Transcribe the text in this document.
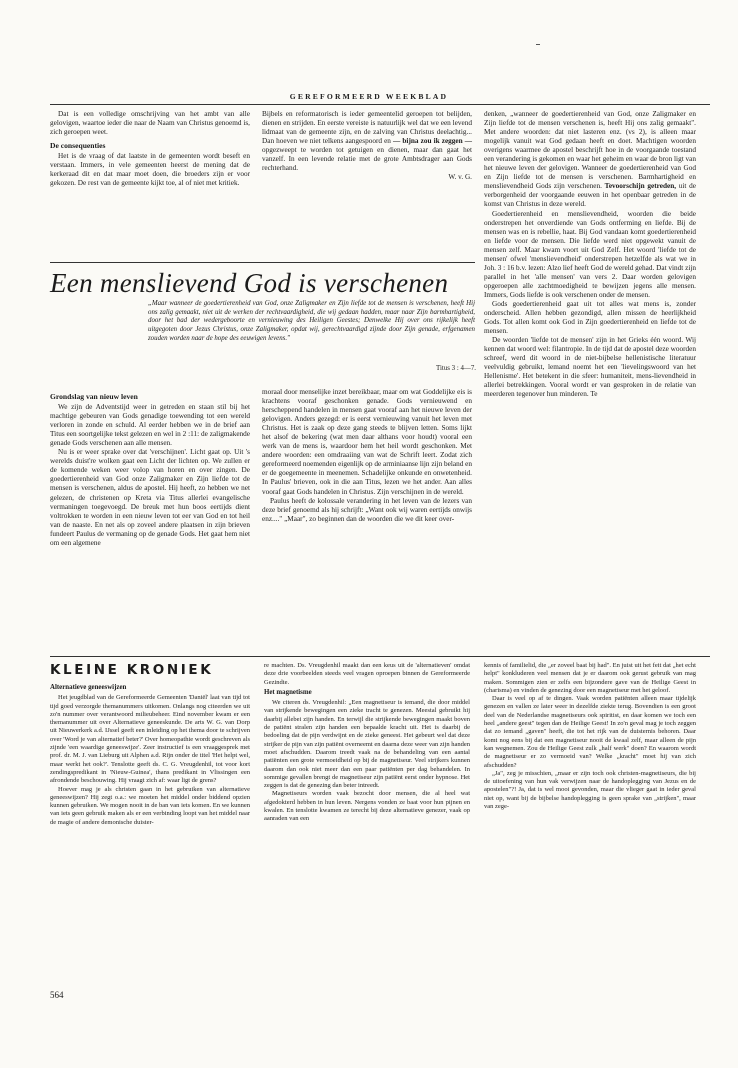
GEREFORMEERD WEEKBLAD

Dat is een volledige omschrijving van het ambt van alle gelovigen, waartoe ieder die naar de Naam van Christus genoemd is, zich geroepen weet.

De consequenties

Het is de vraag of dat laatste in de gemeenten wordt beseft en verstaan. Immers, in vele gemeenten heerst de mening dat de kerkeraad dit en dat maar moet doen, die broeders zijn er voor gekozen. De rest van de gemeente kijkt toe, al of niet met kritiek.

Bijbels en reformatorisch is ieder gemeentelid geroepen tot belijden, dienen en strijden. En eerste vereiste is natuurlijk wel dat we een levend lidmaat van de gemeente zijn, en de zalving van Christus deelachtig... Dan hoeven we niet telkens aangespoord en — bijna zou ik zeggen — opgezweept te worden tot getuigen en dienen, maar dan gaat het vanzelf. In een levende relatie met de grote Ambtsdrager aan Gods rechterhand.

W. v. G.
Een menslievend God is verschenen
„Maar wanneer de goedertierenheid van God, onze Zaligmaker en Zijn liefde tot de mensen is verschenen, heeft Hij ons zalig gemaakt, niet uit de werken der rechtvaardigheid, die wij gedaan hadden, maar naar Zijn barmhartigheid, door het bad der wedergeboorte en vernieuwing des Heiligen Geestes; Denwelke Hij over ons rijkelijk heeft uitgegoten door Jezus Christus, onze Zaligmaker, opdat wij, gerechtvaardigd zijnde door Zijn genade, erfgenamen zouden worden naar de hope des eeuwigen levens."
Titus 3 : 4—7.
Grondslag van nieuw leven

We zijn de Adventstijd weer in getreden en staan stil bij het machtige gebeuren van Gods genadige toewending tot een wereld verloren in zonde en schuld. Al eerder hebben we in de brief aan Titus een soortgelijke tekst gelezen en wel in 2 :11: de zaligmakende genade Gods verschenen aan alle mensen.

Nu is er weer sprake over dat 'verschijnen'. Licht gaat op. Uit 's werelds duist're wolken gaat een Licht der lichten op. We zullen er de komende weken weer volop van horen en over zingen. De goedertierenheid van God onze Zaligmaker en Zijn liefde tot de mensen is verschenen, aldus de apostel. Hij heeft, zo hebben we net gelezen, de christenen op Kreta via Titus allerlei evangelische vermaningen toegevoegd. De breuk met hun boos eertijds dient voltrokken te worden in een nieuw leven tot eer van God en tot heil van de naaste. En net als op zoveel andere plaatsen in zijn brieven fundeert Paulus de vermaning op de genade Gods. Het gaat hem niet om een algemene

moraal door menselijke inzet bereikbaar, maar om wat Goddelijke eis is krachtens vooraf geschonken genade. Gods vernieuwend en herscheppend handelen in mensen gaat vooraf aan het nieuwe leven der gelovigen. Anders gezegd: er is eerst vernieuwing vanuit het leven met Christus. Het is zaak op deze gang steeds te blijven letten. Soms lijkt het alsof de bekering (wat men daar althans voor houdt) vooral een werk van de mens is, waardoor hem het heil wordt geschonken. Met andere woorden: een omdraaiing van wat de Schrift leert. Zodat zich gereformeerd noemenden eigenlijk op de arminiaanse lijn zijn beland en er de goegemeente in meenemen. Schadelijke onkunde en onwetenheid. In Paulus' brieven, ook in die aan Titus, lezen we het ander. Aan alles vooraf gaat Gods handelen in Christus. Zijn verschijnen in de wereld.

Paulus heeft de kolossale verandering in het leven van de lezers van deze brief genoemd als hij schrijft: „Want ook wij waren eertijds onwijs enz...." „Maar", zo beginnen dan de woorden die we dit keer over-

denken, „wanneer de goedertierenheid van God, onze Zaligmaker en Zijn liefde tot de mensen verschenen is, heeft Hij ons zalig gemaakt". Met andere woorden: dat niet lasteren enz. (vs 2), is alleen maar mogelijk vanuit wat God gedaan heeft en doet. Machtigen woorden overigens waarmee de apostel beschrijft hoe in de voorgaande toestand een verandering is gekomen en waar het geheim en waar de bron ligt van het nieuwe leven der gelovigen. Wanneer de goedertierenheid van God en Zijn liefde tot de mensen is verschenen. Barmhartigheid en menslievendheid Gods zijn verschenen. Tevoorschijn getreden, uit de verborgenheid der voorgaande eeuwen in het openbaar getreden in de komst van Christus in deze wereld.

Goedertierenheid en menslievendheid, woorden die beide onderstrepen het onverdiende van Gods ontferming en liefde. Bij de mensen was en is rebellie, haat. Bij God vandaan komt goedertierenheid en liefde voor de mensen. Die liefde werd niet opgewekt vanuit de mensen zelf. Maar kwam voort uit God Zelf. Het woord 'liefde tot de mensen' ofwel 'menslievendheid' onderstrepen hetzelfde als wat we in Joh. 3 : 16 b.v. lezen: Alzo lief heeft God de wereld gehad. Dat vindt zijn parallel in het 'alle mensen' van vers 2. Daar worden gelovigen opgeroepen alle zachtmoedigheid te bewijzen jegens alle mensen. Immers, Gods liefde is ook verschenen onder de mensen.

Gods goedertierenheid gaat uit tot alles wat mens is, zonder onderscheid. Allen hebben gezondigd, allen missen de heerlijkheid Gods. Tot allen komt ook God in Zijn goedertierenheid en liefde tot de mensen.

De woorden 'liefde tot de mensen' zijn in het Grieks één woord. Wij kennen dat woord wel: filantropie. In de tijd dat de apostel deze woorden schreef, werd dit woord in de niet-bijbelse hellenistische literatuur veelvuldig gebruikt, lemand noemt het een 'lievelingswoord van het Hellenisme'. Het betekent in die sfeer: humaniteit, mens-lievendheid in allerlei betrekkingen. Vooral wordt er van gesproken in de relatie van meerderen tegenover hun minderen. Te

KLEINE KRONIEK
Alternatieve geneeswijzen

Het jeugdblad van de Gereformeerde Gemeenten 'Daniël' laat van tijd tot tijd goed verzorgde themanummers uitkomen. Onlangs nog citeerden we uit zo'n nummer over verantwoord milieubeheer. Eind november kwam er een themanummer uit over Alternatieve geneeskunde. De arts W. G. van Dorp uit Nieuwerkerk a.d. IJssel geeft een inleiding op het thema door te schrijven over 'Word je van alternatief beter?' Over homeopathie wordt geschreven als zijnde 'een waardige geneeswijze'. Zeer instructief is een vraaggesprek met prof. dr. M. J. van Lieburg uit Alphen a.d. Rijn onder de titel 'Het helpt wel, maar werkt het ook?'. Tenslotte geeft ds. C. G. Vreugdenhil, tot voor kort zendingspredikant in 'Nieuw-Guinea', thans predikant in Vlissingen een afrondende beschouwing. Hij vraagt zich af: waar ligt de grens?

Hoever mag je als christen gaan in het gebruiken van alternatieve geneeswijzen? Hij zegt o.a.: we moeten het middel onder biddend opzien kunnen gebruiken. We mogen nooit in de ban van iets komen. En we kunnen van iets geen gebruik maken als er een verbinding loopt van het middel naar de magie of andere demonische duister-

re machten. Ds. Vreugdenhil maakt dan een keus uit de 'alternatieven' omdat deze drie voorbeelden steeds veel vragen oproepen binnen de Gereformeerde Gezindte.

Het magnetisme

We citeren ds. Vreugdenhil: „Een magnetiseur is iemand, die door middel van strijkende bewegingen een zieke tracht te genezen. Meestal gebruikt hij daarbij allebei zijn handen. En terwijl die strijkende bewegingen maakt boven de patiënt stralen zijn handen een bepaalde kracht uit. Het is daarbij de bedoeling dat de pijn verdwijnt en de zieke geneest. Het gebeurt wel dat deze strijker de pijn van zijn patiënt overneemt en daarna deze weer van zijn handen moet afschudden. Daarom treedt vaak na de behandeling van een aantal patiënten een grote vermoeidheid op bij de magnetiseur. Veel strijkers kunnen daarom dan ook niet meer dan een paar patiënten per dag behandelen. In sommige gevallen brengt de magnetiseur zijn patiënt eerst onder hypnose. Het zeggen is dat de genezing dan beter intreedt.

Magnetiseurs worden vaak bezocht door mensen, die al heel wat afgedokterd hebben in hun leven. Nergens vonden ze baat voor hun pijnen en kwalen. En tenslotte kwamen ze terecht bij deze alternatieve genezer, vaak op aanraden van een

kennis of familielid, die „er zoveel baat bij had". En juist uit het feit dat „het echt helpt" konkluderen veel mensen dat je er daarom ook gerust gebruik van mag maken. Sommigen zien er zelfs een bijzondere gave van de Heilige Geest in (charisma) en vinden de genezing door een magnetiseur met het geloof.

Daar is veel op af te dingen. Vaak worden patiënten alleen maar tijdelijk genezen en vallen ze later weer in dezelfde ziekte terug. Bovendien is een groot deel van de Nederlandse magnetiseurs ook spiritist, en daar komen we toch een heel „andere geest" tegen dan de Heilige Geest! In zo'n geval mag je toch zeggen dat zo iemand „gaven" heeft, die tot het rijk van de duisternis behoren. Daar komt nog eens bij dat een magnetiseur nooit de kwaal zelf, maar alleen de pijn kan wegnemen. Zou de Heilige Geest zulk „half werk" doen? En waarom wordt de magnetiseur er zo vermoeid van? Welke „kracht" moet hij van zich afschudden?

„Ja", zeg je misschien, „maar er zijn toch ook christen-magnetiseurs, die bij de uitoefening van hun vak verwijzen naar de handoplegging van Jezus en de apostelen"?! Ja, dat is wel mooi gevonden, maar die vlieger gaat in ieder geval niet op, want bij de bijbelse handoplegging is geen sprake van „strijken", maar van zege-

564
